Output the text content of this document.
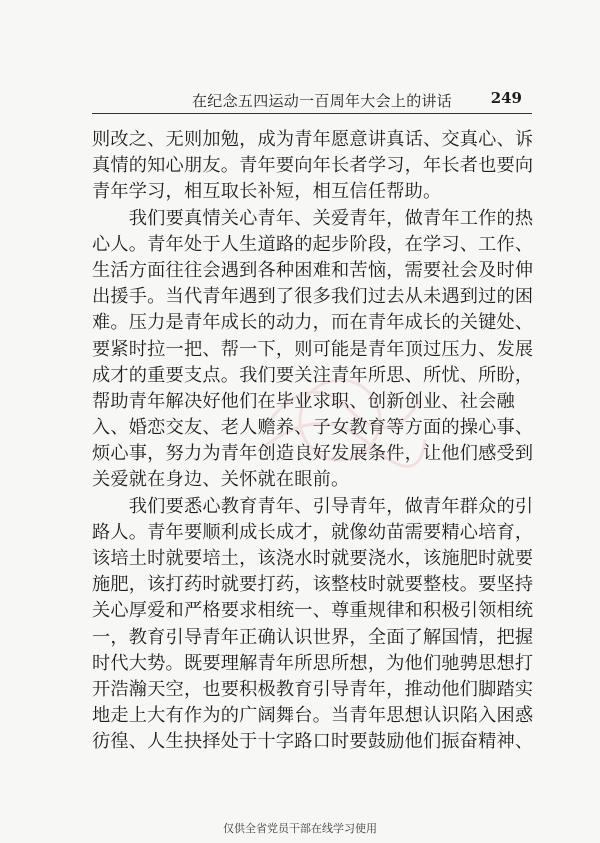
在纪念五四运动一百周年大会上的讲话	249
则改之、无则加勉，成为青年愿意讲真话、交真心、诉
真情的知心朋友。青年要向年长者学习，年长者也要向
青年学习，相互取长补短，相互信任帮助。
　　我们要真情关心青年、关爱青年，做青年工作的热
心人。青年处于人生道路的起步阶段，在学习、工作、
生活方面往往会遇到各种困难和苦恼，需要社会及时伸
出援手。当代青年遇到了很多我们过去从未遇到过的困
难。压力是青年成长的动力，而在青年成长的关键处、
要紧时拉一把、帮一下，则可能是青年顶过压力、发展
成才的重要支点。我们要关注青年所思、所忧、所盼，
帮助青年解决好他们在毕业求职、创新创业、社会融
入、婚恋交友、老人赡养、子女教育等方面的操心事、
烦心事，努力为青年创造良好发展条件，让他们感受到
关爱就在身边、关怀就在眼前。
　　我们要悉心教育青年、引导青年，做青年群众的引
路人。青年要顺利成长成才，就像幼苗需要精心培育，
该培土时就要培土，该浇水时就要浇水，该施肥时就要
施肥，该打药时就要打药，该整枝时就要整枝。要坚持
关心厚爱和严格要求相统一、尊重规律和积极引领相统
一，教育引导青年正确认识世界，全面了解国情，把握
时代大势。既要理解青年所思所想，为他们驰骋思想打
开浩瀚天空，也要积极教育引导青年，推动他们脚踏实
地走上大有作为的广阔舞台。当青年思想认识陷入困惑
彷徨、人生抉择处于十字路口时要鼓励他们振奋精神、
仅供全省党员干部在线学习使用
